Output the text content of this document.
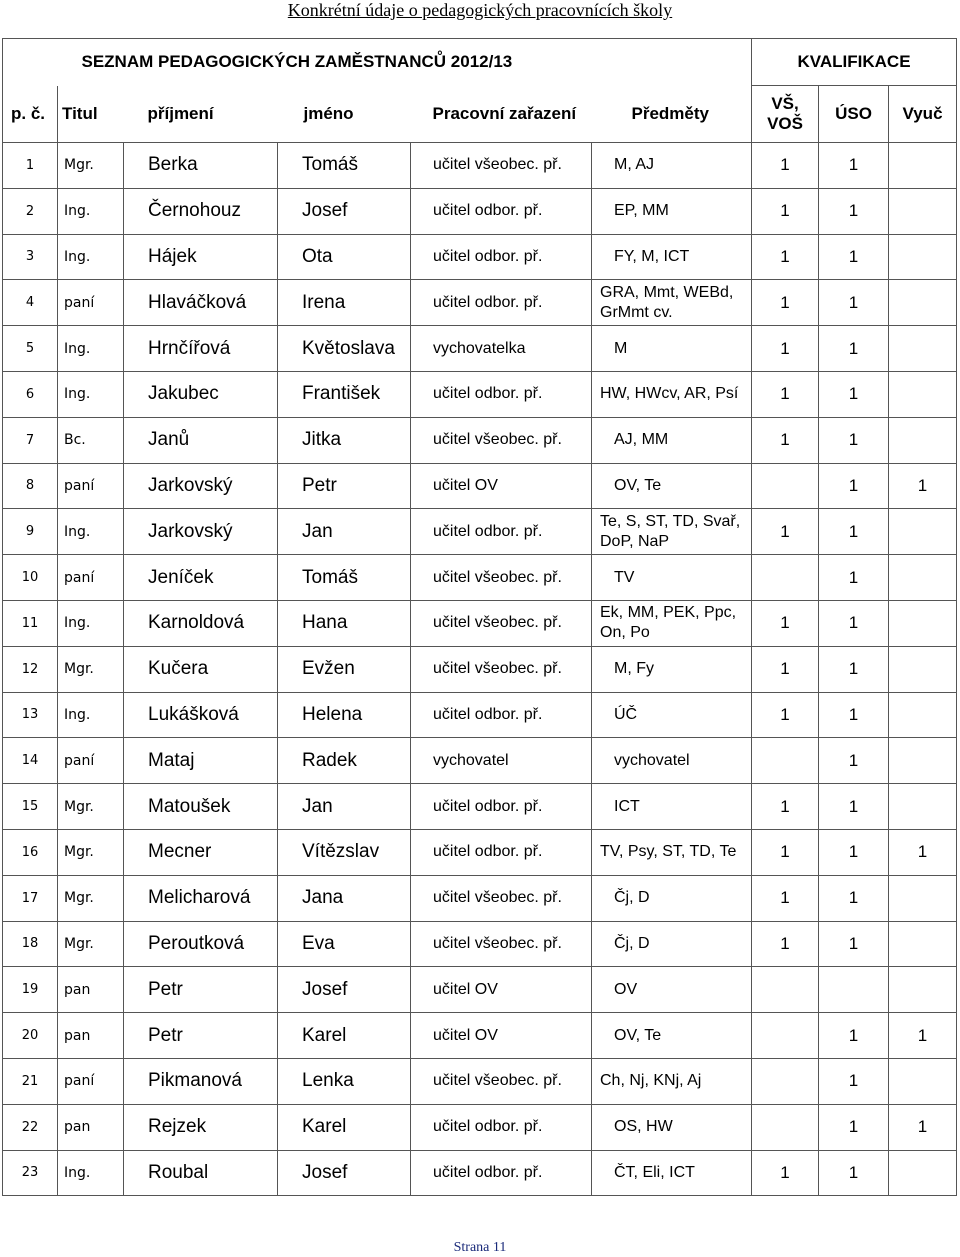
Konkrétní údaje o pedagogických pracovnících školy
	SEZNAM PEDAGOGICKÝCH ZAMĚSTNANCŮ 2012/13					KVALIFIKACE		
p. č.	Titul	příjmení	jméno	Pracovní zařazení	Předměty	VŠ, VOŠ	ÚSO	Vyuč
1	Mgr.	Berka	Tomáš	učitel všeobec. př.	M, AJ	1	1	
2	Ing.	Černohouz	Josef	učitel odbor. př.	EP, MM	1	1	
3	Ing.	Hájek	Ota	učitel odbor. př.	FY, M, ICT	1	1	
4	paní	Hlaváčková	Irena	učitel odbor. př.	GRA, Mmt, WEBd, GrMmt cv.	1	1	
5	Ing.	Hrnčířová	Květoslava	vychovatelka	M	1	1	
6	Ing.	Jakubec	František	učitel odbor. př.	HW, HWcv, AR, Psí	1	1	
7	Bc.	Janů	Jitka	učitel všeobec. př.	AJ, MM	1	1	
8	paní	Jarkovský	Petr	učitel OV	OV, Te		1	1
9	Ing.	Jarkovský	Jan	učitel odbor. př.	Te, S, ST, TD, Svař, DoP, NaP	1	1	
10	paní	Jeníček	Tomáš	učitel všeobec. př.	TV		1	
11	Ing.	Karnoldová	Hana	učitel všeobec. př.	Ek, MM, PEK, Ppc, On, Po	1	1	
12	Mgr.	Kučera	Evžen	učitel všeobec. př.	M, Fy	1	1	
13	Ing.	Lukášková	Helena	učitel odbor. př.	ÚČ	1	1	
14	paní	Mataj	Radek	vychovatel	vychovatel		1	
15	Mgr.	Matoušek	Jan	učitel odbor. př.	ICT	1	1	
16	Mgr.	Mecner	Vítězslav	učitel odbor. př.	TV, Psy, ST, TD, Te	1	1	1
17	Mgr.	Melicharová	Jana	učitel všeobec. př.	Čj, D	1	1	
18	Mgr.	Peroutková	Eva	učitel všeobec. př.	Čj, D	1	1	
19	pan	Petr	Josef	učitel OV	OV			
20	pan	Petr	Karel	učitel OV	OV, Te		1	1
21	paní	Pikmanová	Lenka	učitel všeobec. př.	Ch, Nj, KNj, Aj		1	
22	pan	Rejzek	Karel	učitel odbor. př.	OS, HW		1	1
23	Ing.	Roubal	Josef	učitel odbor. př.	ČT, Eli, ICT	1	1	
Strana 11
